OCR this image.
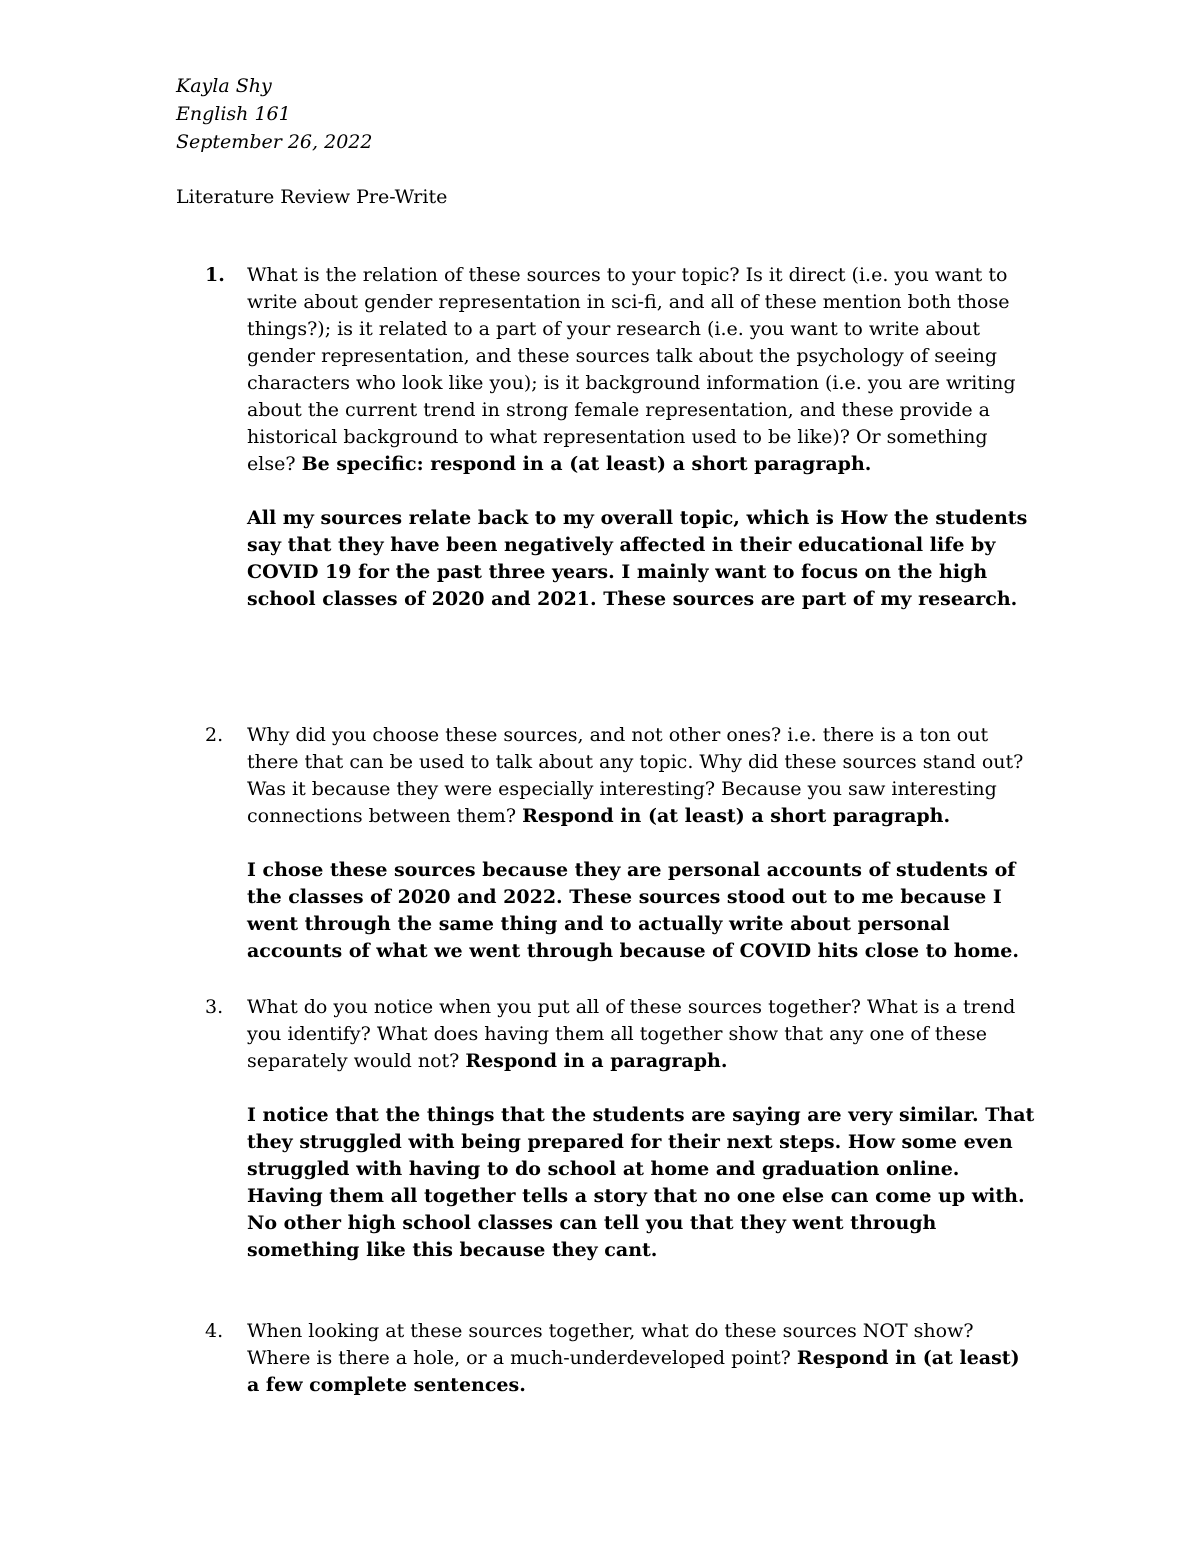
Kayla Shy
English 161
September 26, 2022
Literature Review Pre-Write
1.	What is the relation of these sources to your topic? Is it direct (i.e. you want to write about gender representation in sci-fi, and all of these mention both those things?); is it related to a part of your research (i.e. you want to write about gender representation, and these sources talk about the psychology of seeing characters who look like you); is it background information (i.e. you are writing about the current trend in strong female representation, and these provide a historical background to what representation used to be like)? Or something else? Be specific: respond in a (at least) a short paragraph.

All my sources relate back to my overall topic, which is How the students say that they have been negatively affected in their educational life by COVID 19 for the past three years. I mainly want to focus on the high school classes of 2020 and 2021. These sources are part of my research.

2.	Why did you choose these sources, and not other ones? i.e. there is a ton out there that can be used to talk about any topic. Why did these sources stand out? Was it because they were especially interesting? Because you saw interesting connections between them? Respond in (at least) a short paragraph.

I chose these sources because they are personal accounts of students of the classes of 2020 and 2022. These sources stood out to me because I went through the same thing and to actually write about personal accounts of what we went through because of COVID hits close to home.

3.	What do you notice when you put all of these sources together? What is a trend you identify? What does having them all together show that any one of these separately would not? Respond in a paragraph.

I notice that the things that the students are saying are very similar. That they struggled with being prepared for their next steps. How some even struggled with having to do school at home and graduation online. Having them all together tells a story that no one else can come up with. No other high school classes can tell you that they went through something like this because they cant.

4.	When looking at these sources together, what do these sources NOT show? Where is there a hole, or a much-underdeveloped point? Respond in (at least) a few complete sentences.
